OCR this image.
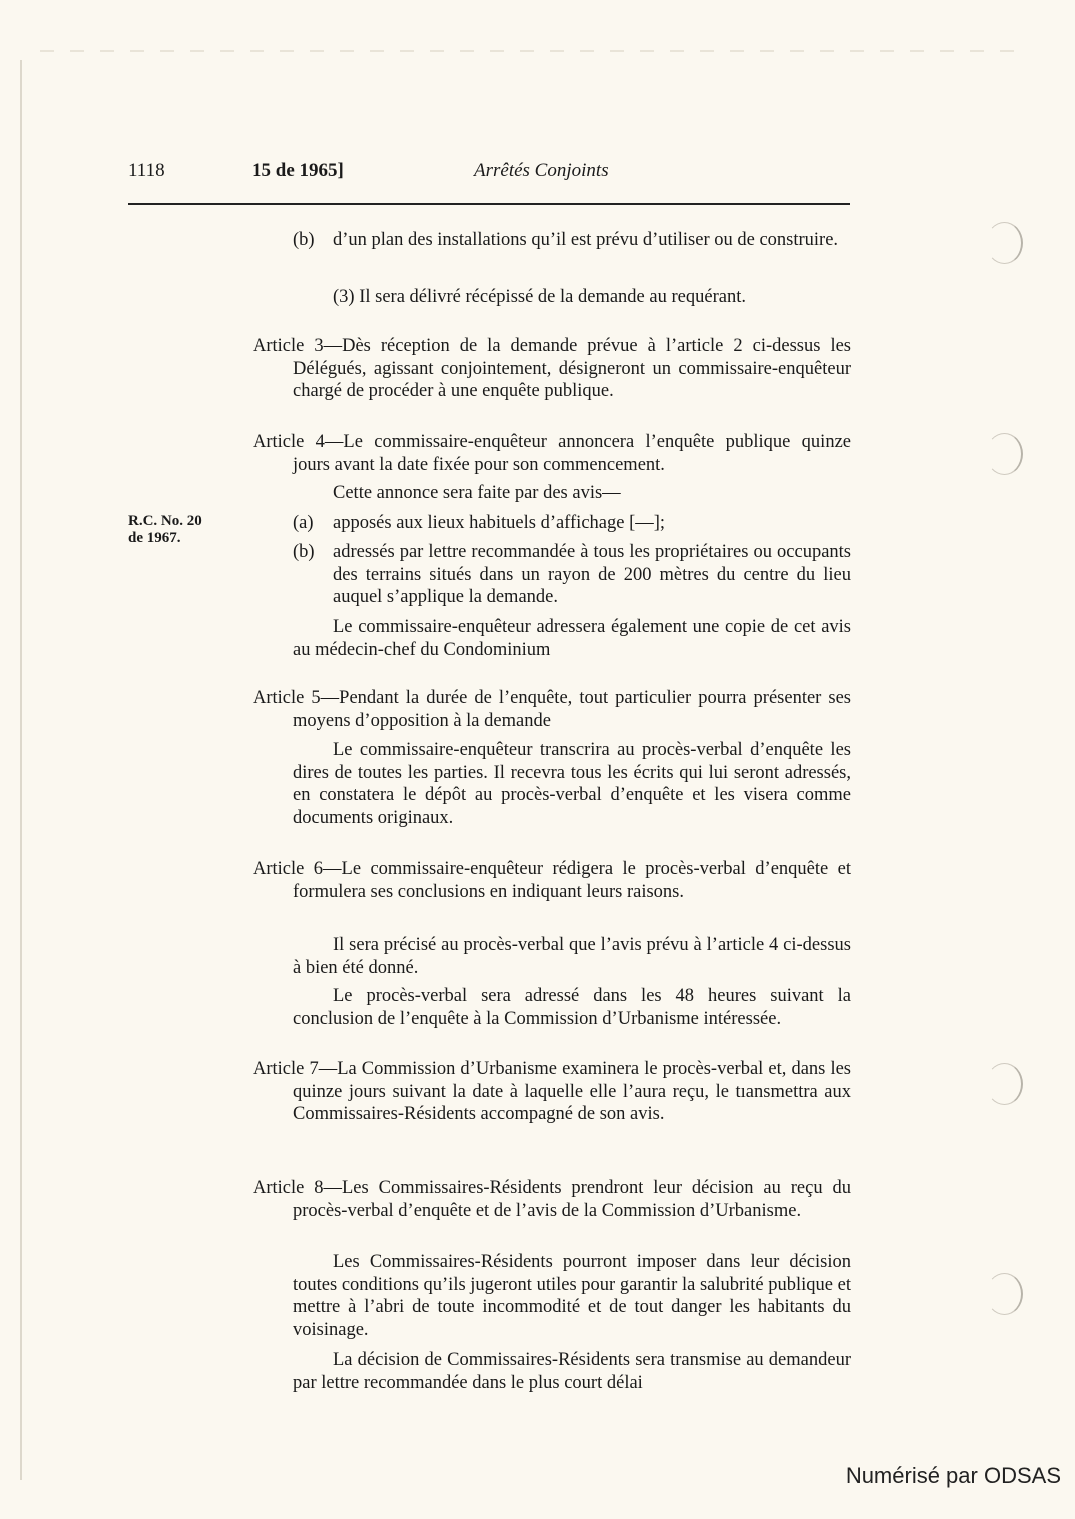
1118	15 de 1965]	Arrêtés Conjoints
R.C. No. 20
de 1967.
(b) d’un plan des installations qu’il est prévu d’utiliser ou de construire.

(3) Il sera délivré récépissé de la demande au requérant.

Article 3—Dès réception de la demande prévue à l’article 2 ci-dessus les Délégués, agissant conjointement, désigneront un commissaire-enquêteur chargé de procéder à une enquête publique.

Article 4—Le commissaire-enquêteur annoncera l’enquête publique quinze jours avant la date fixée pour son commencement.

Cette annonce sera faite par des avis—

(a) apposés aux lieux habituels d’affichage [—];
(b) adressés par lettre recommandée à tous les propriétaires ou occupants des terrains situés dans un rayon de 200 mètres du centre du lieu auquel s’applique la demande.

Le commissaire-enquêteur adressera également une copie de cet avis au médecin-chef du Condominium

Article 5—Pendant la durée de l’enquête, tout particulier pourra présenter ses moyens d’opposition à la demande

Le commissaire-enquêteur transcrira au procès-verbal d’enquête les dires de toutes les parties. Il recevra tous les écrits qui lui seront adressés, en constatera le dépôt au procès-verbal d’enquête et les visera comme documents originaux.

Article 6—Le commissaire-enquêteur rédigera le procès-verbal d’enquête et formulera ses conclusions en indiquant leurs raisons.

Il sera précisé au procès-verbal que l’avis prévu à l’article 4 ci-dessus à bien été donné.

Le procès-verbal sera adressé dans les 48 heures suivant la conclusion de l’enquête à la Commission d’Urbanisme intéressée.

Article 7—La Commission d’Urbanisme examinera le procès-verbal et, dans les quinze jours suivant la date à laquelle elle l’aura reçu, le tıansmettra aux Commissaires-Résidents accompagné de son avis.

Article 8—Les Commissaires-Résidents prendront leur décision au reçu du procès-verbal d’enquête et de l’avis de la Commission d’Urbanisme.

Les Commissaires-Résidents pourront imposer dans leur décision toutes conditions qu’ils jugeront utiles pour garantir la salubrité publique et mettre à l’abri de toute incommodité et de tout danger les habitants du voisinage.

La décision de Commissaires-Résidents sera transmise au demandeur par lettre recommandée dans le plus court délai

Numérisé par ODSAS
